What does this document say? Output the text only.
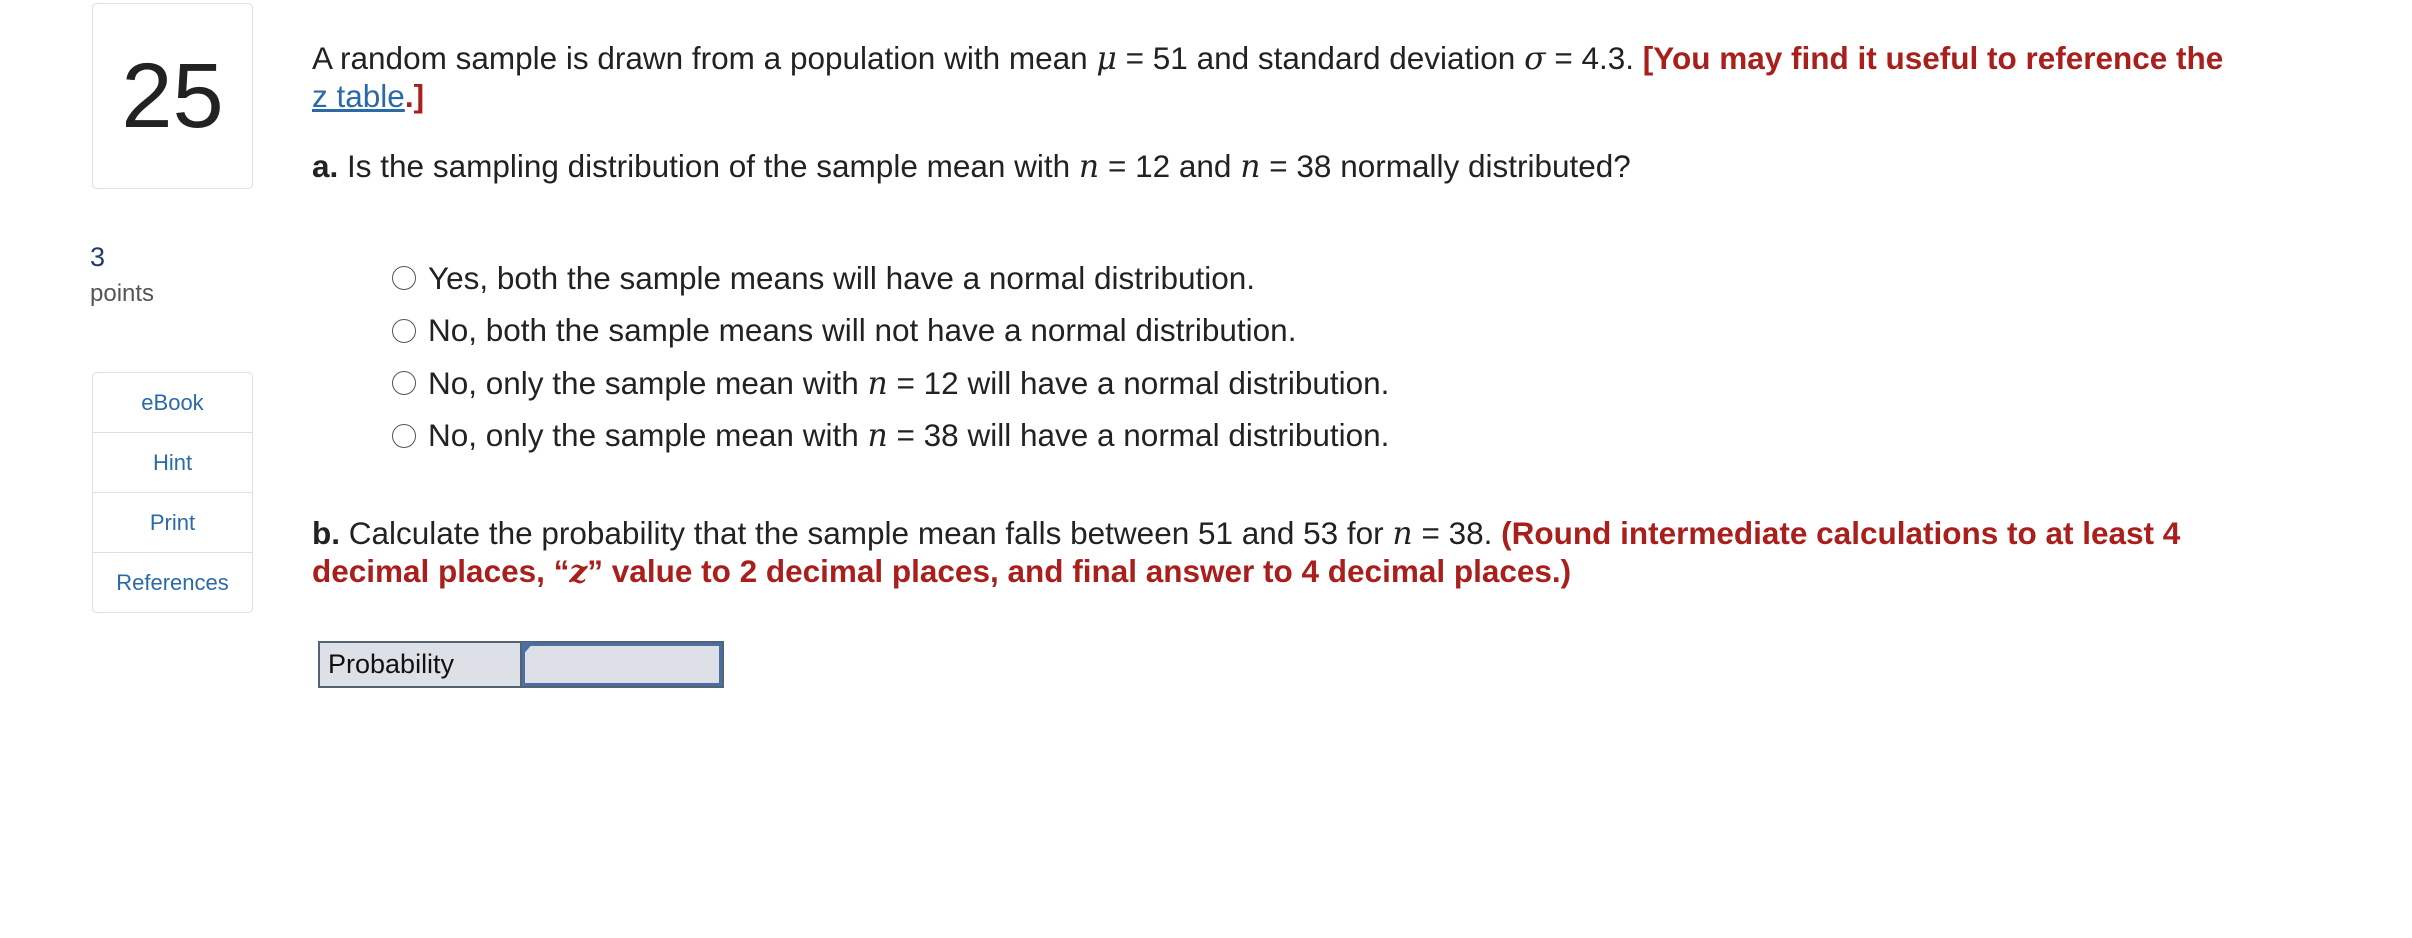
25
3
points
eBook
Hint
Print
References

A random sample is drawn from a population with mean μ = 51 and standard deviation σ = 4.3. [You may find it useful to reference the
z table.]

a. Is the sampling distribution of the sample mean with n = 12 and n = 38 normally distributed?
Yes, both the sample means will have a normal distribution.
No, both the sample means will not have a normal distribution.
No, only the sample mean with n = 12 will have a normal distribution.
No, only the sample mean with n = 38 will have a normal distribution.
b. Calculate the probability that the sample mean falls between 51 and 53 for n = 38. (Round intermediate calculations to at least 4 decimal places, “z” value to 2 decimal places, and final answer to 4 decimal places.)
Probability
